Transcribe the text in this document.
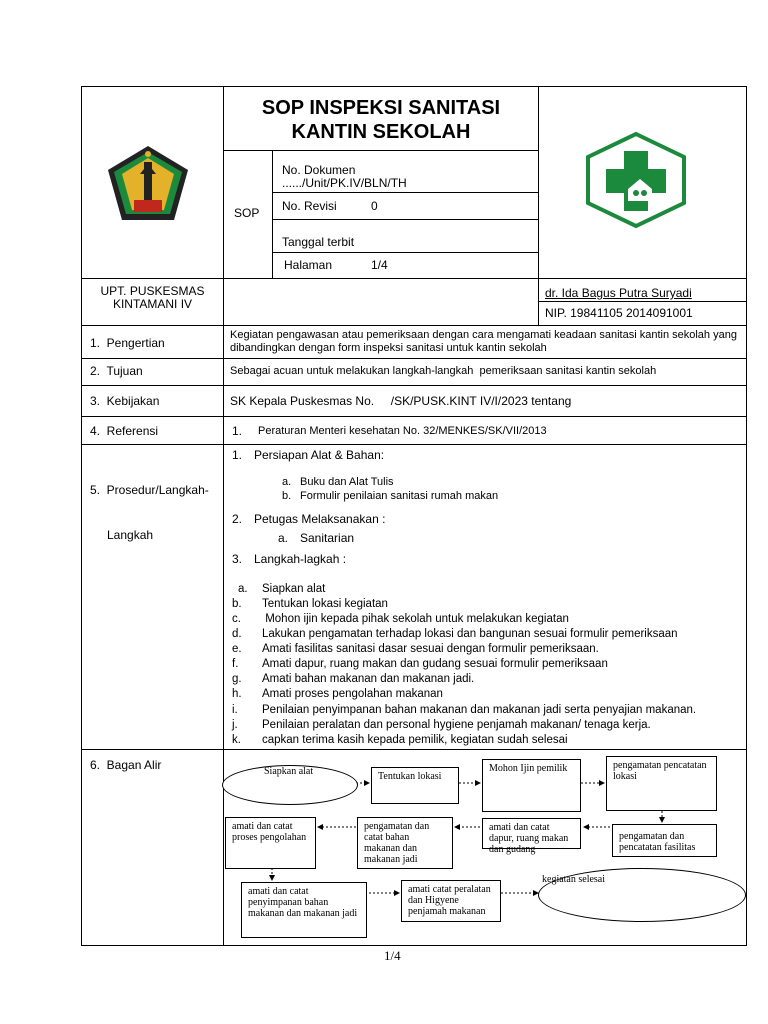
SOP INSPEKSI SANITASI
KANTIN SEKOLAH
SOP
No. Dokumen
....../Unit/PK.IV/BLN/TH
No. Revisi	0
Tanggal terbit
Halaman	1/4
UPT. PUSKESMAS
KINTAMANI IV
dr. Ida Bagus Putra Suryadi
NIP. 19841105 2014091001
1.  Pengertian
Kegiatan pengawasan atau pemeriksaan dengan cara mengamati keadaan sanitasi kantin sekolah yang dibandingkan dengan form inspeksi sanitasi untuk kantin sekolah
2.  Tujuan	Sebagai acuan untuk melakukan langkah-langkah  pemeriksaan sanitasi kantin sekolah
3.  Kebijakan	SK Kepala Puskesmas No.     /SK/PUSK.KINT IV/I/2023 tentang
4.  Referensi	1. Peraturan Menteri kesehatan No. 32/MENKES/SK/VII/2013

5.  Prosedur/Langkah-

Langkah

1. Persiapan Alat & Bahan:
a. Buku dan Alat Tulis
b. Formulir penilaian sanitasi rumah makan
2. Petugas Melaksanakan :
a. Sanitarian
3. Langkah-lagkah :
a. Siapkan alat
b. Tentukan lokasi kegiatan
c. Mohon ijin kepada pihak sekolah untuk melakukan kegiatan
d. Lakukan pengamatan terhadap lokasi dan bangunan sesuai formulir pemeriksaan
e. Amati fasilitas sanitasi dasar sesuai dengan formulir pemeriksaan.
f. Amati dapur, ruang makan dan gudang sesuai formulir pemeriksaan
g. Amati bahan makanan dan makanan jadi.
h. Amati proses pengolahan makanan
i. Penilaian penyimpanan bahan makanan dan makanan jadi serta penyajian makanan.
j. Penilaian peralatan dan personal hygiene penjamah makanan/ tenaga kerja.
k. capkan terima kasih kepada pemilik, kegiatan sudah selesai
6.  Bagan Alir	Siapkan alat	Tentukan lokasi
Mohon Ijin pemilik	pengamatan pencatatan lokasi
pengamatan dan pencatatan fasilitas
amati dan catat dapur, ruang makan dan gudang
pengamatan dan catat bahan makanan dan makanan jadi
amati dan catat proses pengolahan
amati dan catat penyimpanan bahan makanan dan makanan jadi
amati catat peralatan dan Higyene penjamah makanan
kegiatan selesai
1/4
